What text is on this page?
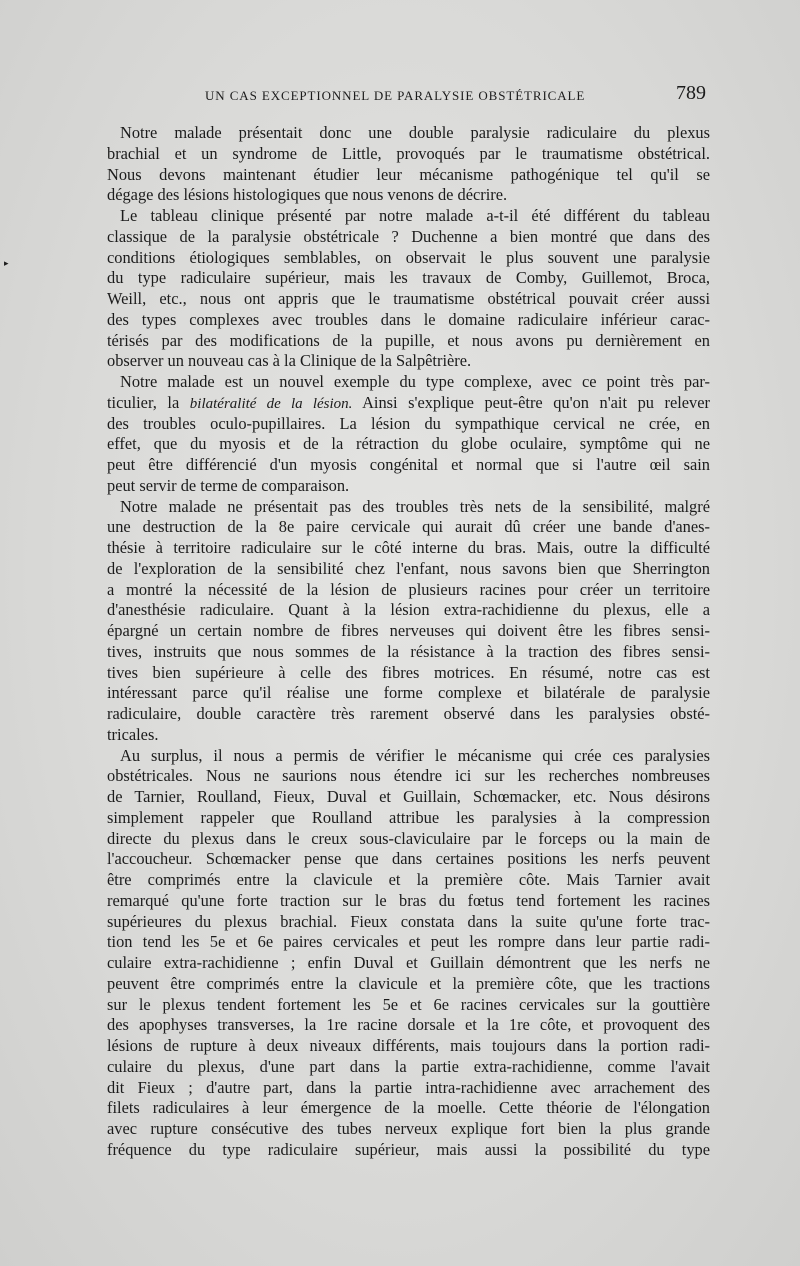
UN CAS EXCEPTIONNEL DE PARALYSIE OBSTÉTRICALE	789
▸
Notre malade présentait donc une double paralysie radiculaire du plexus
brachial et un syndrome de Little, provoqués par le traumatisme obstétrical.
Nous devons maintenant étudier leur mécanisme pathogénique tel qu'il se
dégage des lésions histologiques que nous venons de décrire.
Le tableau clinique présenté par notre malade a-t-il été différent du tableau
classique de la paralysie obstétricale ? Duchenne a bien montré que dans des
conditions étiologiques semblables, on observait le plus souvent une paralysie
du type radiculaire supérieur, mais les travaux de Comby, Guillemot, Broca,
Weill, etc., nous ont appris que le traumatisme obstétrical pouvait créer aussi
des types complexes avec troubles dans le domaine radiculaire inférieur carac-
térisés par des modifications de la pupille, et nous avons pu dernièrement en
observer un nouveau cas à la Clinique de la Salpêtrière.
Notre malade est un nouvel exemple du type complexe, avec ce point très par-
ticulier, la bilatéralité de la lésion. Ainsi s'explique peut-être qu'on n'ait pu relever
des troubles oculo-pupillaires. La lésion du sympathique cervical ne crée, en
effet, que du myosis et de la rétraction du globe oculaire, symptôme qui ne
peut être différencié d'un myosis congénital et normal que si l'autre œil sain
peut servir de terme de comparaison.
Notre malade ne présentait pas des troubles très nets de la sensibilité, malgré
une destruction de la 8e paire cervicale qui aurait dû créer une bande d'anes-
thésie à territoire radiculaire sur le côté interne du bras. Mais, outre la difficulté
de l'exploration de la sensibilité chez l'enfant, nous savons bien que Sherrington
a montré la nécessité de la lésion de plusieurs racines pour créer un territoire
d'anesthésie radiculaire. Quant à la lésion extra-rachidienne du plexus, elle a
épargné un certain nombre de fibres nerveuses qui doivent être les fibres sensi-
tives, instruits que nous sommes de la résistance à la traction des fibres sensi-
tives bien supérieure à celle des fibres motrices. En résumé, notre cas est
intéressant parce qu'il réalise une forme complexe et bilatérale de paralysie
radiculaire, double caractère très rarement observé dans les paralysies obsté-
tricales.
Au surplus, il nous a permis de vérifier le mécanisme qui crée ces paralysies
obstétricales. Nous ne saurions nous étendre ici sur les recherches nombreuses
de Tarnier, Roulland, Fieux, Duval et Guillain, Schœmacker, etc. Nous désirons
simplement rappeler que Roulland attribue les paralysies à la compression
directe du plexus dans le creux sous-claviculaire par le forceps ou la main de
l'accoucheur. Schœmacker pense que dans certaines positions les nerfs peuvent
être comprimés entre la clavicule et la première côte. Mais Tarnier avait
remarqué qu'une forte traction sur le bras du fœtus tend fortement les racines
supérieures du plexus brachial. Fieux constata dans la suite qu'une forte trac-
tion tend les 5e et 6e paires cervicales et peut les rompre dans leur partie radi-
culaire extra-rachidienne ; enfin Duval et Guillain démontrent que les nerfs ne
peuvent être comprimés entre la clavicule et la première côte, que les tractions
sur le plexus tendent fortement les 5e et 6e racines cervicales sur la gouttière
des apophyses transverses, la 1re racine dorsale et la 1re côte, et provoquent des
lésions de rupture à deux niveaux différents, mais toujours dans la portion radi-
culaire du plexus, d'une part dans la partie extra-rachidienne, comme l'avait
dit Fieux ; d'autre part, dans la partie intra-rachidienne avec arrachement des
filets radiculaires à leur émergence de la moelle. Cette théorie de l'élongation
avec rupture consécutive des tubes nerveux explique fort bien la plus grande
fréquence du type radiculaire supérieur, mais aussi la possibilité du type
